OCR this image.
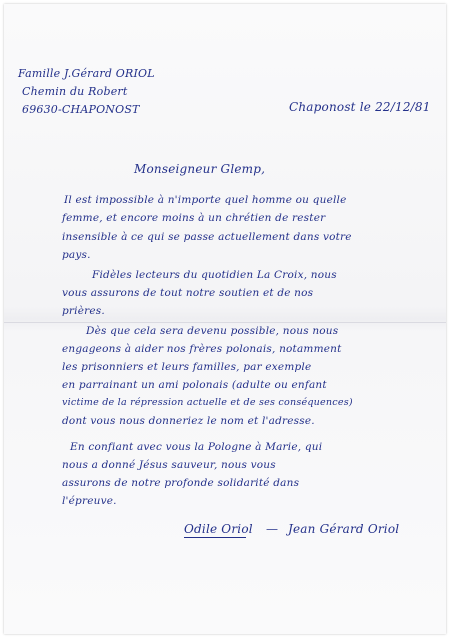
Famille J.Gérard ORIOL
Chemin du Robert
69630-CHAPONOST	Chaponost le 22/12/81
Monseigneur Glemp,
Il est impossible à n'importe quel homme ou quelle
femme, et encore moins à un chrétien de rester
insensible à ce qui se passe actuellement dans votre
pays.
Fidèles lecteurs du quotidien La Croix, nous
vous assurons de tout notre soutien et de nos
prières.
Dès que cela sera devenu possible, nous nous
engageons à aider nos frères polonais, notamment
les prisonniers et leurs familles, par exemple
en parrainant un ami polonais (adulte ou enfant
victime de la répression actuelle et de ses conséquences)
dont vous nous donneriez le nom et l'adresse.
En confiant avec vous la Pologne à Marie, qui
nous a donné Jésus sauveur, nous vous
assurons de notre profonde solidarité dans
l'épreuve.
Odile Oriol — Jean Gérard Oriol
